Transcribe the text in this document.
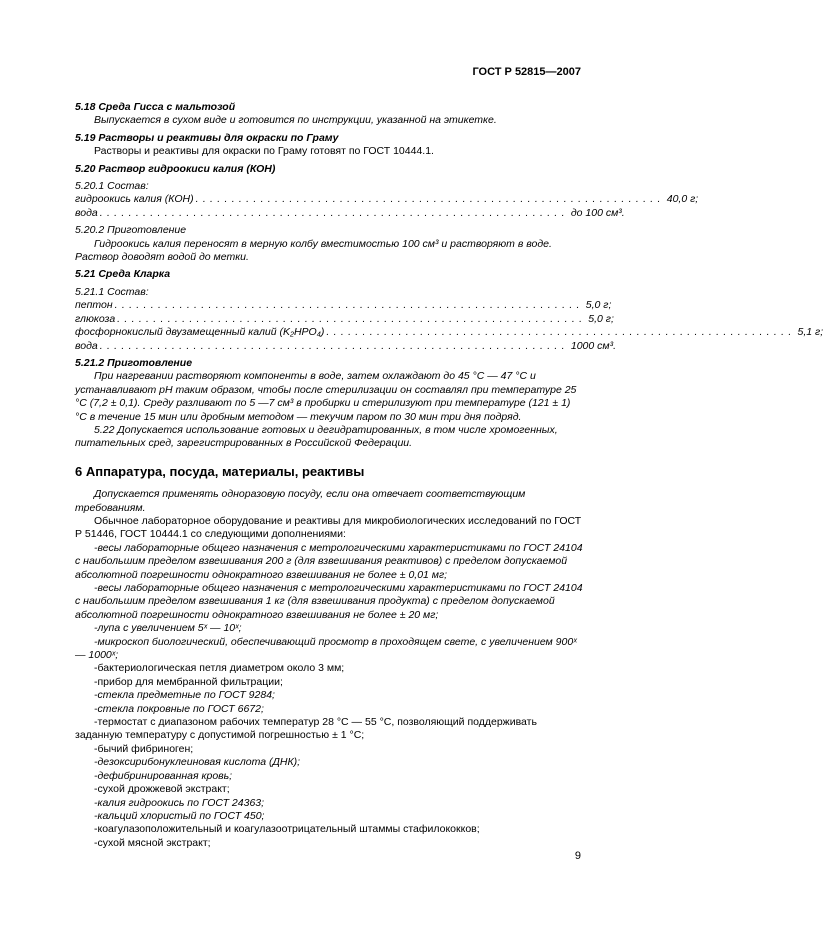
ГОСТ Р 52815—2007

5.18 Среда Гисса с мальтозой

Выпускается в сухом виде и готовится по инструкции, указанной на этикетке.

5.19 Растворы и реактивы для окраски по Граму

Растворы и реактивы для окраски по Граму готовят по ГОСТ 10444.1.

5.20 Раствор гидроокиси калия (КОН)

5.20.1 Состав:

гидроокись калия (КОН) ................................................................. 40,0 г;
вода ................................................................. до 100 см³.

5.20.2 Приготовление

Гидроокись калия переносят в мерную колбу вместимостью 100 см³ и растворяют в воде. Раствор доводят водой до метки.

5.21 Среда Кларка

5.21.1 Состав:

пептон ................................................................. 5,0 г;
глюкоза ................................................................. 5,0 г;
фосфорнокислый двузамещенный калий (K₂HPO₄) ................................................................. 5,1 г;
вода ................................................................. 1000 см³.

5.21.2 Приготовление

При нагревании растворяют компоненты в воде, затем охлаждают до 45 °С — 47 °С и устанавливают рН таким образом, чтобы после стерилизации он составлял при температуре 25 °С (7,2 ± 0,1). Среду разливают по 5 —7 см³ в пробирки и стерилизуют при температуре (121 ± 1) °С в течение 15 мин или дробным методом — текучим паром по 30 мин три дня подряд.

5.22 Допускается использование готовых и дегидратированных, в том числе хромогенных, питательных сред, зарегистрированных в Российской Федерации.

6 Аппаратура, посуда, материалы, реактивы

Допускается применять одноразовую посуду, если она отвечает соответствующим требованиям.

Обычное лабораторное оборудование и реактивы для микробиологических исследований по ГОСТ Р 51446, ГОСТ 10444.1 со следующими дополнениями:

-весы лабораторные общего назначения с метрологическими характеристиками по ГОСТ 24104 с наибольшим пределом взвешивания 200 г (для взвешивания реактивов) с пределом допускаемой абсолютной погрешности однократного взвешивания не более ± 0,01 мг;

-весы лабораторные общего назначения с метрологическими характеристиками по ГОСТ 24104 с наибольшим пределом взвешивания 1 кг (для взвешивания продукта) с пределом допускаемой абсолютной погрешности однократного взвешивания не более ± 20 мг;

-лупа с увеличением 5ˣ — 10ˣ;

-микроскоп биологический, обеспечивающий просмотр в проходящем свете, с увеличением 900ˣ — 1000ˣ;

-бактериологическая петля диаметром около 3 мм;

-прибор для мембранной фильтрации;

-стекла предметные по ГОСТ 9284;

-стекла покровные по ГОСТ 6672;

-термостат с диапазоном рабочих температур 28 °С — 55 °С, позволяющий поддерживать заданную температуру с допустимой погрешностью ± 1 °С;

-бычий фибриноген;

-дезоксирибонуклеиновая кислота (ДНК);

-дефибринированная кровь;

-сухой дрожжевой экстракт;

-калия гидроокись по ГОСТ 24363;

-кальций хлористый по ГОСТ 450;

-коагулазоположительный и коагулазоотрицательный штаммы стафилококков;

-сухой мясной экстракт;

9
